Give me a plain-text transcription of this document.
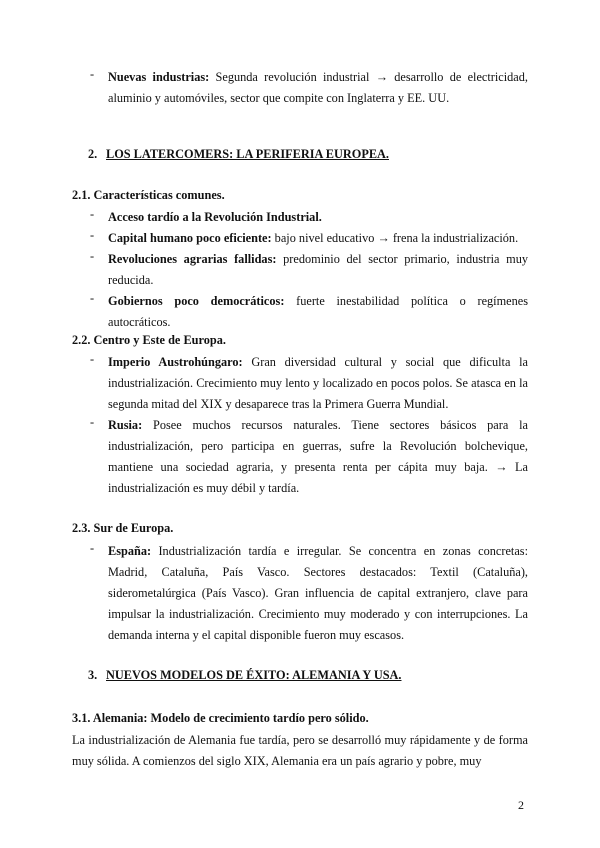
- Nuevas industrias: Segunda revolución industrial → desarrollo de electricidad, aluminio y automóviles, sector que compite con Inglaterra y EE. UU.
2. LOS LATERCOMERS: LA PERIFERIA EUROPEA.
2.1. Características comunes.
- Acceso tardío a la Revolución Industrial.
- Capital humano poco eficiente: bajo nivel educativo → frena la industrialización.
- Revoluciones agrarias fallidas: predominio del sector primario, industria muy reducida.
- Gobiernos poco democráticos: fuerte inestabilidad política o regímenes autocráticos.
2.2. Centro y Este de Europa.
- Imperio Austrohúngaro: Gran diversidad cultural y social que dificulta la industrialización. Crecimiento muy lento y localizado en pocos polos. Se atasca en la segunda mitad del XIX y desaparece tras la Primera Guerra Mundial.
- Rusia: Posee muchos recursos naturales. Tiene sectores básicos para la industrialización, pero participa en guerras, sufre la Revolución bolchevique, mantiene una sociedad agraria, y presenta renta per cápita muy baja. → La industrialización es muy débil y tardía.
2.3. Sur de Europa.
- España: Industrialización tardía e irregular. Se concentra en zonas concretas: Madrid, Cataluña, País Vasco. Sectores destacados: Textil (Cataluña), siderometalúrgica (País Vasco). Gran influencia de capital extranjero, clave para impulsar la industrialización. Crecimiento muy moderado y con interrupciones. La demanda interna y el capital disponible fueron muy escasos.
3. NUEVOS MODELOS DE ÉXITO: ALEMANIA Y USA.
3.1. Alemania: Modelo de crecimiento tardío pero sólido.
La industrialización de Alemania fue tardía, pero se desarrolló muy rápidamente y de forma muy sólida. A comienzos del siglo XIX, Alemania era un país agrario y pobre, muy
2
